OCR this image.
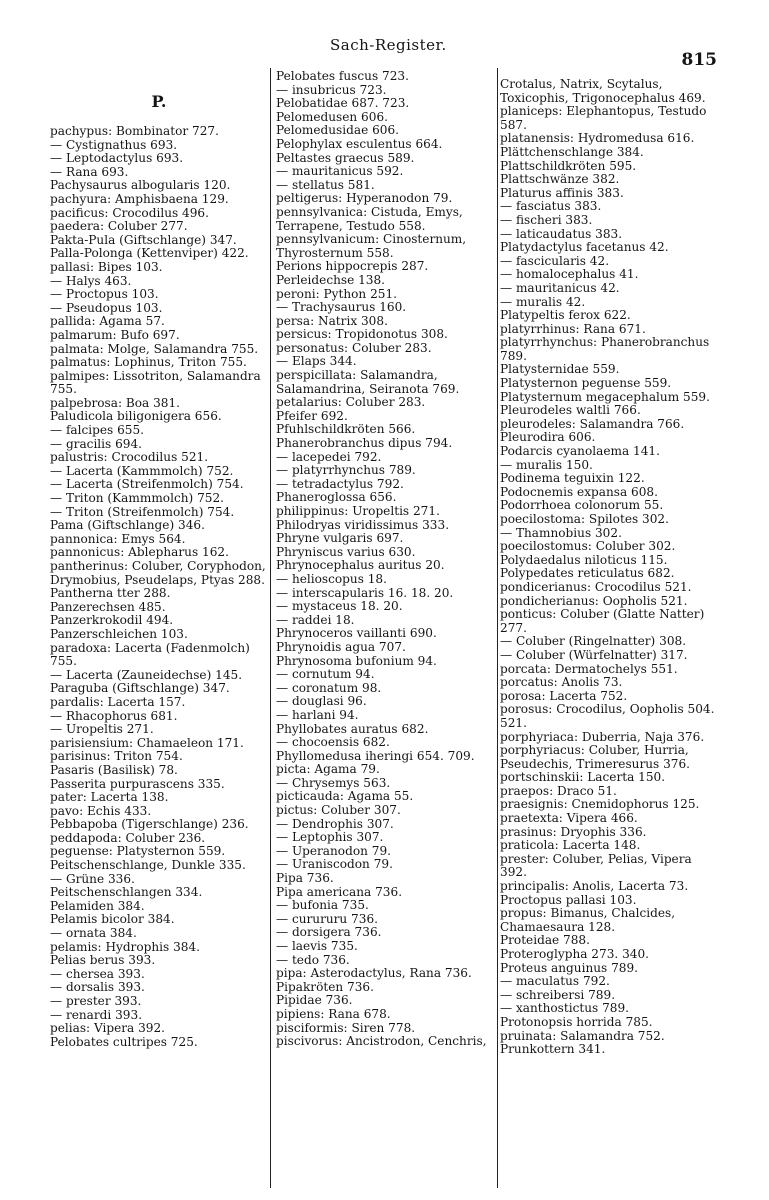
Sach-Register.
815
P.
pachypus: Bombinator 727.
— Cystignathus 693.
— Leptodactylus 693.
— Rana 693.
Pachysaurus albogularis 120.
pachyura: Amphisbaena 129.
pacificus: Crocodilus 496.
paedera: Coluber 277.
Pakta-Pula (Giftschlange) 347.
Palla-Polonga (Kettenviper) 422.
pallasi: Bipes 103.
— Halys 463.
— Proctopus 103.
— Pseudopus 103.
pallida: Agama 57.
palmarum: Bufo 697.
palmata: Molge, Salamandra 755.
palmatus: Lophinus, Triton 755.
palmipes: Lissotriton, Salamandra 755.
palpebrosa: Boa 381.
Paludicola biligonigera 656.
— falcipes 655.
— gracilis 694.
palustris: Crocodilus 521.
— Lacerta (Kammmolch) 752.
— Lacerta (Streifenmolch) 754.
— Triton (Kammmolch) 752.
— Triton (Streifenmolch) 754.
Pama (Giftschlange) 346.
pannonica: Emys 564.
pannonicus: Ablepharus 162.
pantherinus: Coluber, Coryphodon, Drymobius, Pseudelaps, Ptyas 288.
Pantherna tter 288.
Panzerechsen 485.
Panzerkrokodil 494.
Panzerschleichen 103.
paradoxa: Lacerta (Fadenmolch) 755.
— Lacerta (Zauneidechse) 145.
Paraguba (Giftschlange) 347.
pardalis: Lacerta 157.
— Rhacophorus 681.
— Uropeltis 271.
parisiensium: Chamaeleon 171.
parisinus: Triton 754.
Pasaris (Basilisk) 78.
Passerita purpurascens 335.
pater: Lacerta 138.
pavo: Echis 433.
Pebbapoba (Tigerschlange) 236.
peddapoda: Coluber 236.
peguense: Platysternon 559.
Peitschenschlange, Dunkle 335.
— Grüne 336.
Peitschenschlangen 334.
Pelamiden 384.
Pelamis bicolor 384.
— ornata 384.
pelamis: Hydrophis 384.
Pelias berus 393.
— chersea 393.
— dorsalis 393.
— prester 393.
— renardi 393.
pelias: Vipera 392.
Pelobates cultripes 725.
Pelobates fuscus 723.
— insubricus 723.
Pelobatidae 687. 723.
Pelomedusen 606.
Pelomedusidae 606.
Pelophylax esculentus 664.
Peltastes graecus 589.
— mauritanicus 592.
— stellatus 581.
peltigerus: Hyperanodon 79.
pennsylvanica: Cistuda, Emys, Terrapene, Testudo 558.
pennsylvanicum: Cinosternum, Thyrosternum 558.
Perions hippocrepis 287.
Perleidechse 138.
peroni: Python 251.
— Trachysaurus 160.
persa: Natrix 308.
persicus: Tropidonotus 308.
personatus: Coluber 283.
— Elaps 344.
perspicillata: Salamandra, Salamandrina, Seiranota 769.
petalarius: Coluber 283.
Pfeifer 692.
Pfuhlschildkröten 566.
Phanerobranchus dipus 794.
— lacepedei 792.
— platyrrhynchus 789.
— tetradactylus 792.
Phaneroglossa 656.
philippinus: Uropeltis 271.
Philodryas viridissimus 333.
Phryne vulgaris 697.
Phryniscus varius 630.
Phrynocephalus auritus 20.
— helioscopus 18.
— interscapularis 16. 18. 20.
— mystaceus 18. 20.
— raddei 18.
Phrynoceros vaillanti 690.
Phrynoidis agua 707.
Phrynosoma bufonium 94.
— cornutum 94.
— coronatum 98.
— douglasi 96.
— harlani 94.
Phyllobates auratus 682.
— chocoensis 682.
Phyllomedusa iheringi 654. 709.
picta: Agama 79.
— Chrysemys 563.
picticauda: Agama 55.
pictus: Coluber 307.
— Dendrophis 307.
— Leptophis 307.
— Uperanodon 79.
— Uraniscodon 79.
Pipa 736.
Pipa americana 736.
— bufonia 735.
— curururu 736.
— dorsigera 736.
— laevis 735.
— tedo 736.
pipa: Asterodactylus, Rana 736.
Pipakröten 736.
Pipidae 736.
pipiens: Rana 678.
pisciformis: Siren 778.
piscivorus: Ancistrodon, Cenchris,
Crotalus, Natrix, Scytalus, Toxicophis, Trigonocephalus 469.
planiceps: Elephantopus, Testudo 587.
platanensis: Hydromedusa 616.
Plättchenschlange 384.
Plattschildkröten 595.
Plattschwänze 382.
Platurus affinis 383.
— fasciatus 383.
— fischeri 383.
— laticaudatus 383.
Platydactylus facetanus 42.
— fascicularis 42.
— homalocephalus 41.
— mauritanicus 42.
— muralis 42.
Platypeltis ferox 622.
platyrrhinus: Rana 671.
platyrrhynchus: Phanerobranchus 789.
Platysternidae 559.
Platysternon peguense 559.
Platysternum megacephalum 559.
Pleurodeles waltli 766.
pleurodeles: Salamandra 766.
Pleurodira 606.
Podarcis cyanolaema 141.
— muralis 150.
Podinema teguixin 122.
Podocnemis expansa 608.
Podorrhoea colonorum 55.
poecilostoma: Spilotes 302.
— Thamnobius 302.
poecilostomus: Coluber 302.
Polydaedalus niloticus 115.
Polypedates reticulatus 682.
pondicerianus: Crocodilus 521.
pondicherianus: Oopholis 521.
ponticus: Coluber (Glatte Natter) 277.
— Coluber (Ringelnatter) 308.
— Coluber (Würfelnatter) 317.
porcata: Dermatochelys 551.
porcatus: Anolis 73.
porosa: Lacerta 752.
porosus: Crocodilus, Oopholis 504. 521.
porphyriaca: Duberria, Naja 376.
porphyriacus: Coluber, Hurria, Pseudechis, Trimeresurus 376.
portschinskii: Lacerta 150.
praepos: Draco 51.
praesignis: Cnemidophorus 125.
praetexta: Vipera 466.
prasinus: Dryophis 336.
praticola: Lacerta 148.
prester: Coluber, Pelias, Vipera 392.
principalis: Anolis, Lacerta 73.
Proctopus pallasi 103.
propus: Bimanus, Chalcides, Chamaesaura 128.
Proteidae 788.
Proteroglypha 273. 340.
Proteus anguinus 789.
— maculatus 792.
— schreibersi 789.
— xanthostictus 789.
Protonopsis horrida 785.
pruinata: Salamandra 752.
Prunkottern 341.
